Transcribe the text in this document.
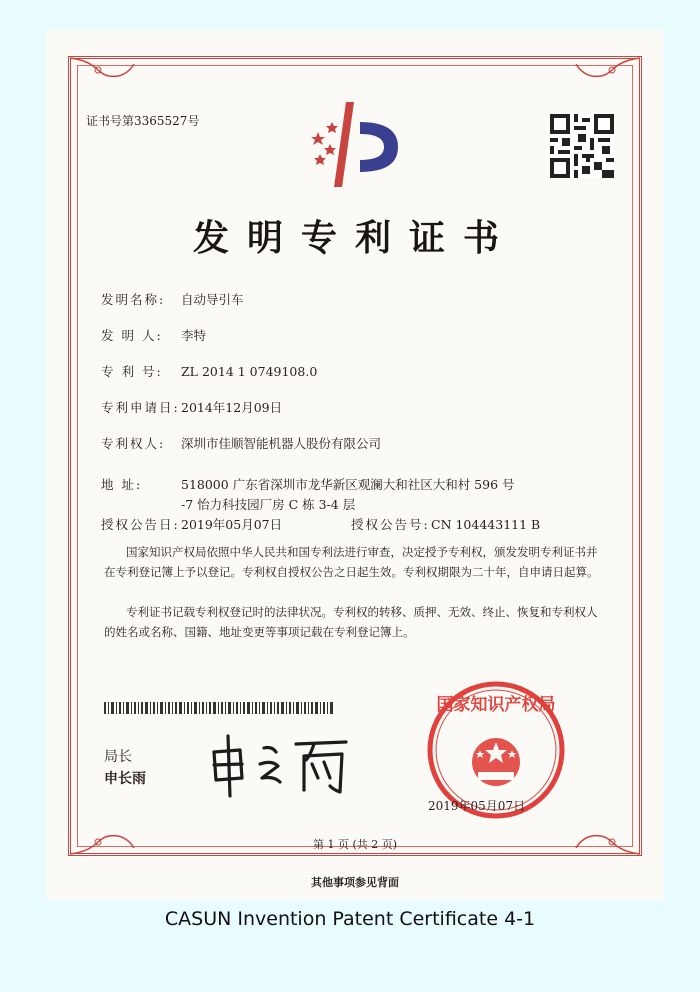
证书号第3365527号
发明专利证书
发明名称: 自动导引车
发 明 人: 李特
专 利 号: ZL 2014 1 0749108.0
专利申请日:2014年12月09日
专利权人: 深圳市佳顺智能机器人股份有限公司
地 址:	518000 广东省深圳市龙华新区观澜大和社区大和村 596 号
-7 怡力科技园厂房 C 栋 3-4 层
授权公告日:2019年05月07日	授权公告号:CN 104443111 B
国家知识产权局依照中华人民共和国专利法进行审查，决定授予专利权，颁发发明专利证书并在专利登记簿上予以登记。专利权自授权公告之日起生效。专利权期限为二十年，自申请日起算。
专利证书记载专利权登记时的法律状况。专利权的转移、质押、无效、终止、恢复和专利权人的姓名或名称、国籍、地址变更等事项记载在专利登记簿上。
局长
申长雨
国家知识产权局
2019年05月07日
第 1 页 (共 2 页)
其他事项参见背面
CASUN Invention Patent Certificate 4-1
